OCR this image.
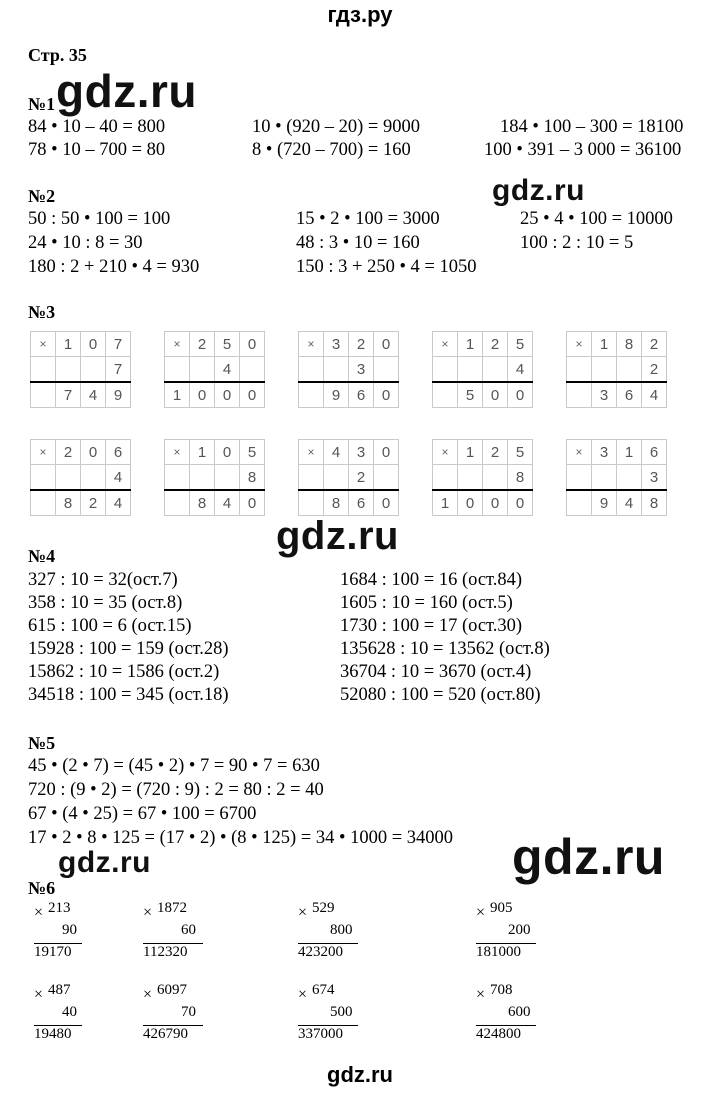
гдз.ру
Стр. 35
gdz.ru
gdz.ru
gdz.ru
gdz.ru	gdz.ru
№1
84 • 10 – 40 = 800	10 • (920 – 20) = 9000	184 • 100 – 300 = 18100
78 • 10 – 700 = 80	8 • (720 – 700) = 160	100 • 391 – 3 000 = 36100
№2
50 : 50 • 100 = 100	15 • 2 • 100 = 3000	25 • 4 • 100 = 10000
24 • 10 : 8 = 30	48 : 3 • 10 = 160	100 : 2 : 10 = 5
180 : 2 + 210 • 4 = 930	150 : 3 + 250 • 4 = 1050
№3
×	1	0	7
			7
	7	4	9
×	2	5	0
		4	
1	0	0	0
×	3	2	0
		3	
	9	6	0
×	1	2	5
			4
	5	0	0
×	1	8	2
			2
	3	6	4
×	2	0	6
			4
	8	2	4
×	1	0	5
			8
	8	4	0
×	4	3	0
		2	
	8	6	0
×	1	2	5
			8
1	0	0	0
×	3	1	6
			3
	9	4	8
№4
327 : 10 = 32(ост.7)
358 : 10 = 35 (ост.8)
615 : 100 = 6 (ост.15)
15928 : 100 = 159 (ост.28)
15862 : 10 = 1586 (ост.2)
34518 : 100 = 345 (ост.18)
1684 : 100 = 16 (ост.84)
1605 : 10 = 160 (ост.5)
1730 : 100 = 17 (ост.30)
135628 : 10 = 13562 (ост.8)
36704 : 10 = 3670 (ост.4)
52080 : 100 = 520 (ост.80)
№5
45 • (2 • 7) = (45 • 2) • 7 = 90 • 7 = 630
720 : (9 • 2) = (720 : 9) : 2 = 80 : 2 = 40
67 • (4 • 25) = 67 • 100 = 6700
17 • 2 • 8 • 125 = (17 • 2) • (8 • 125) = 34 • 1000 = 34000
№6
× 213
90
19170
× 1872
60
112320
× 529
800
423200
× 905
200
181000
× 487
40
19480
× 6097
70
426790
× 674
500
337000
× 708
600
424800
gdz.ru
